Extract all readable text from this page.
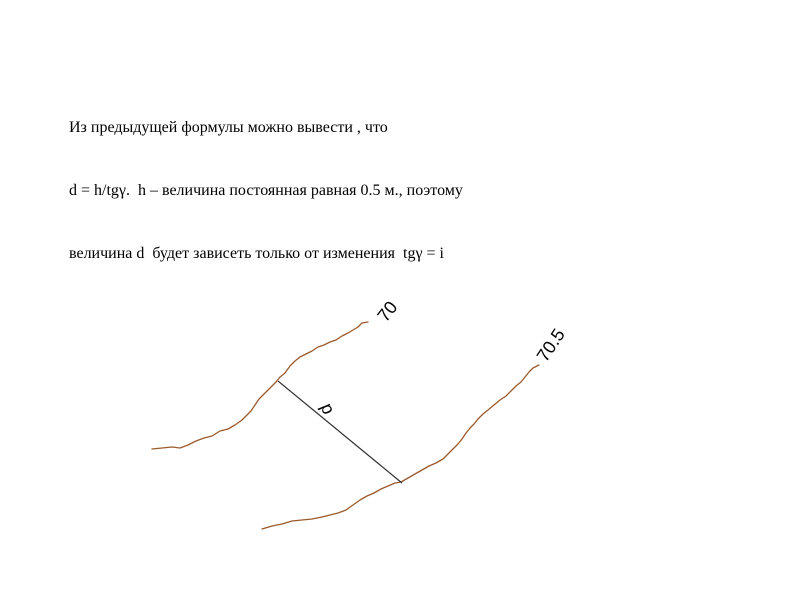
Из предыдущей формулы можно вывести , что

d = h/tgγ.  h – величина постоянная равная 0.5 м., поэтому

величина d  будет зависеть только от изменения  tgγ = i

70
70.5
d
